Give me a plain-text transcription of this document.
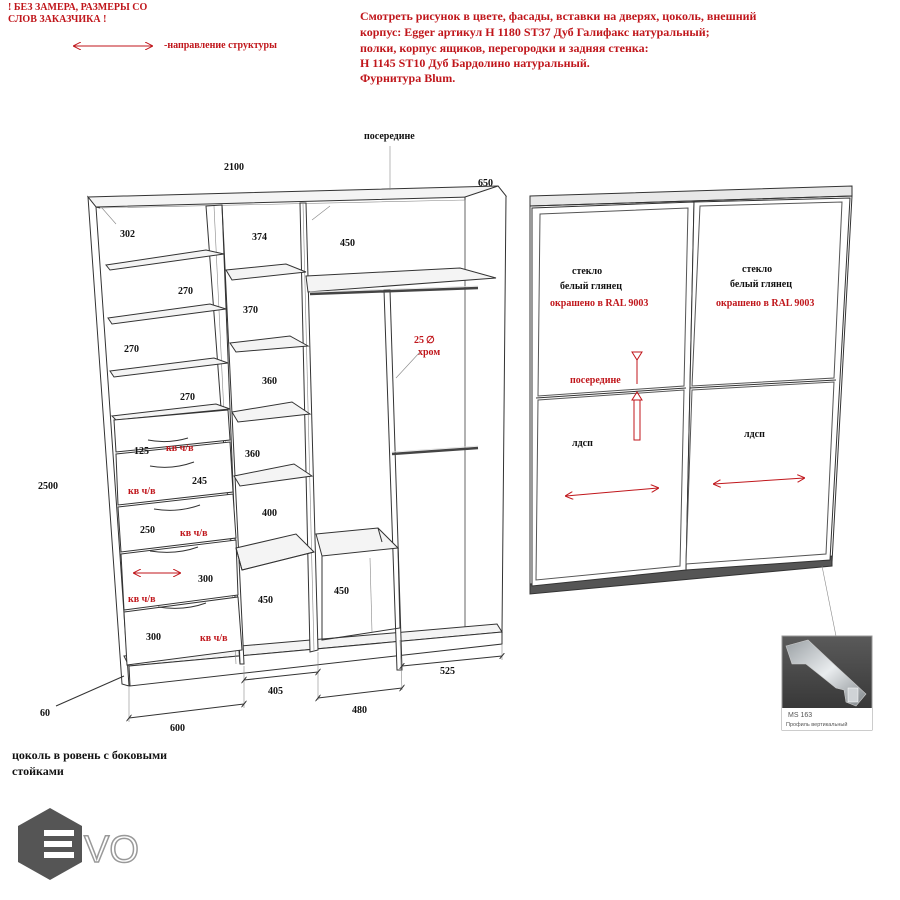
! БЕЗ ЗАМЕРА, РАЗМЕРЫ СО
СЛОВ ЗАКАЗЧИКА !
-направление структуры
Смотреть рисунок в цвете, фасады, вставки на дверях, цоколь, внешний
корпус: Egger артикул H 1180 ST37 Дуб Галифакс натуральный;
полки, корпус ящиков, перегородки и задняя стенка:
H 1145 ST10 Дуб Бардолино натуральный.
Фурнитура Blum.
посередине
2100
650
2500
302
270
270
270
125 кв ч/в
245
кв ч/в
250	кв ч/в
300
кв ч/в
300	кв ч/в
374
370
360
360
400
450
450
25 ∅
хром
450
600
405
480
525
60
цоколь в ровень с боковыми
стойками
стекло
белый глянец
окрашено в RAL 9003
стекло
белый глянец
окрашено в RAL 9003
посередине
лдсп
лдсп
MS 163
Профиль вертикальный
VO
